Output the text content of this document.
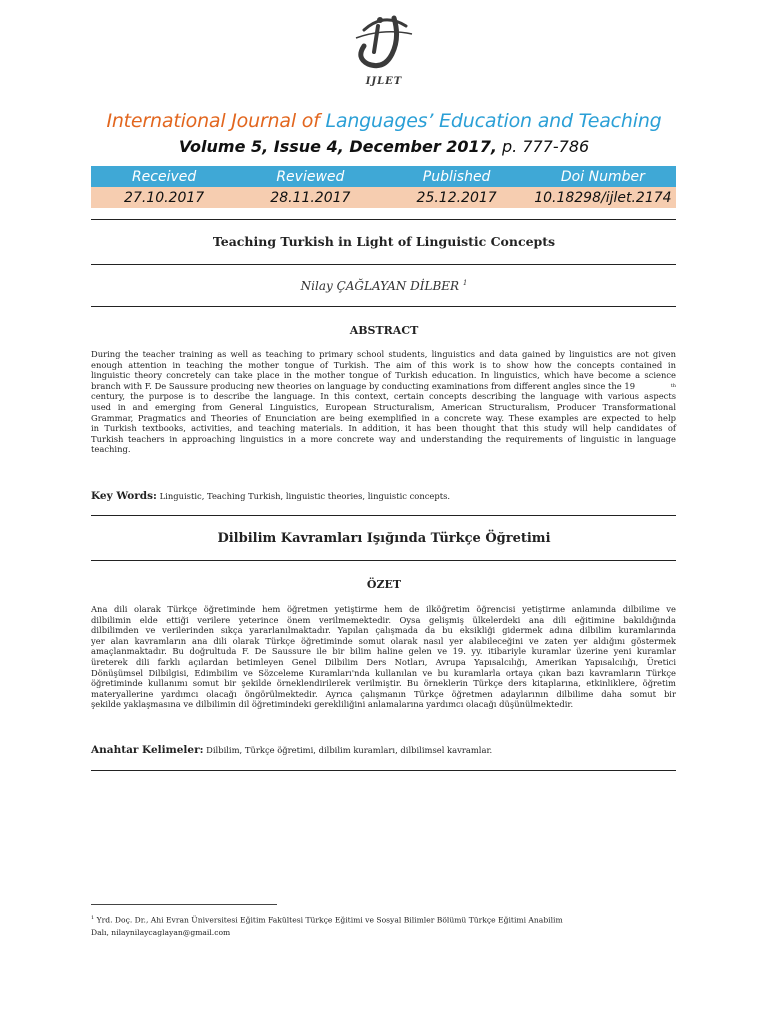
IJLET
International Journal of Languages’ Education and Teaching
Volume 5, Issue 4, December 2017, p. 777-786
Received	Reviewed	Published	Doi Number
27.10.2017	28.11.2017	25.12.2017	10.18298/ijlet.2174
Teaching Turkish in Light of Linguistic Concepts
Nilay ÇAĞLAYAN DİLBER $^1$
ABSTRACT
During the teacher training as well as teaching to primary school students, linguistics and data gained by linguistics are not given
enough attention in teaching the mother tongue of Turkish. The aim of this work is to show how the concepts contained in
linguistic theory concretely can take place in the mother tongue of Turkish education. In linguistics, which have become a science
branch with F. De Saussure producing new theories on language by conducting examinations from different angles since the 19	th
century, the purpose is to describe the language. In this context, certain concepts describing the language with various aspects
used in and emerging from General Linguistics, European Structuralism, American Structuralism, Producer Transformational
Grammar, Pragmatics and Theories of Enunciation are being exemplified in a concrete way. These examples are expected to help
in Turkish textbooks, activities, and teaching materials. In addition, it has been thought that this study will help candidates of
Turkish teachers in approaching linguistics in a more concrete way and understanding the requirements of linguistic in language
teaching.
Key Words: Linguistic, Teaching Turkish, linguistic theories, linguistic concepts.
Dilbilim Kavramları Işığında Türkçe Öğretimi
ÖZET
Ana dili olarak Türkçe öğretiminde hem öğretmen yetiştirme hem de ilköğretim öğrencisi yetiştirme anlamında dilbilime ve
dilbilimin elde ettiği verilere yeterince önem verilmemektedir. Oysa gelişmiş ülkelerdeki ana dili eğitimine bakıldığında
dilbilimden ve verilerinden sıkça yararlanılmaktadır. Yapılan çalışmada da bu eksikliği gidermek adına dilbilim kuramlarında
yer alan kavramların ana dili olarak Türkçe öğretiminde somut olarak nasıl yer alabileceğini ve zaten yer aldığını göstermek
amaçlanmaktadır. Bu doğrultuda F. De Saussure ile bir bilim haline gelen ve 19. yy. itibariyle kuramlar üzerine yeni kuramlar
üreterek dili farklı açılardan betimleyen Genel Dilbilim Ders Notları, Avrupa Yapısalcılığı, Amerikan Yapısalcılığı, Üretici
Dönüşümsel Dilbilgisi, Edimbilim ve Sözceleme Kuramları'nda kullanılan ve bu kuramlarla ortaya çıkan bazı kavramların Türkçe
öğretiminde kullanımı somut bir şekilde örneklendirilerek verilmiştir. Bu örneklerin Türkçe ders kitaplarına, etkinliklere, öğretim
materyallerine yardımcı olacağı öngörülmektedir. Ayrıca çalışmanın Türkçe öğretmen adaylarının dilbilime daha somut bir
şekilde yaklaşmasına ve dilbilimin dil öğretimindeki gerekliliğini anlamalarına yardımcı olacağı düşünülmektedir.
Anahtar Kelimeler: Dilbilim, Türkçe öğretimi, dilbilim kuramları, dilbilimsel kavramlar.
$^1$ Yrd. Doç. Dr., Ahi Evran Üniversitesi Eğitim Fakültesi Türkçe Eğitimi ve Sosyal Bilimler Bölümü Türkçe Eğitimi Anabilim
Dalı, nilaynilaycaglayan@gmail.com
